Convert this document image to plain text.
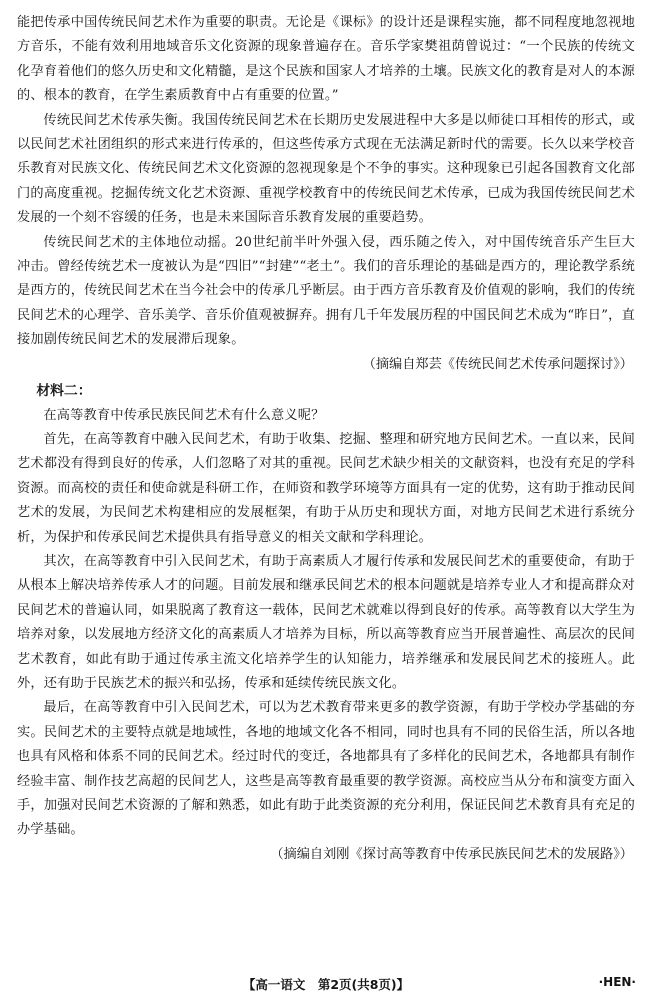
能把传承中国传统民间艺术作为重要的职责。无论是《课标》的设计还是课程实施，都不同程度地忽视地方音乐，不能有效利用地域音乐文化资源的现象普遍存在。音乐学家樊祖荫曾说过：“一个民族的传统文化孕育着他们的悠久历史和文化精髓，是这个民族和国家人才培养的土壤。民族文化的教育是对人的本源的、根本的教育，在学生素质教育中占有重要的位置。”

传统民间艺术传承失衡。我国传统民间艺术在长期历史发展进程中大多是以师徒口耳相传的形式，或以民间艺术社团组织的形式来进行传承的，但这些传承方式现在无法满足新时代的需要。长久以来学校音乐教育对民族文化、传统民间艺术文化资源的忽视现象是个不争的事实。这种现象已引起各国教育文化部门的高度重视。挖掘传统文化艺术资源、重视学校教育中的传统民间艺术传承，已成为我国传统民间艺术发展的一个刻不容缓的任务，也是未来国际音乐教育发展的重要趋势。

传统民间艺术的主体地位动摇。20世纪前半叶外强入侵，西乐随之传入，对中国传统音乐产生巨大冲击。曾经传统艺术一度被认为是“四旧”“封建”“老土”。我们的音乐理论的基础是西方的，理论教学系统是西方的，传统民间艺术在当今社会中的传承几乎断层。由于西方音乐教育及价值观的影响，我们的传统民间艺术的心理学、音乐美学、音乐价值观被摒弃。拥有几千年发展历程的中国民间艺术成为“昨日”，直接加剧传统民间艺术的发展滞后现象。

（摘编自郑芸《传统民间艺术传承问题探讨》）

材料二：

在高等教育中传承民族民间艺术有什么意义呢？

首先，在高等教育中融入民间艺术，有助于收集、挖掘、整理和研究地方民间艺术。一直以来，民间艺术都没有得到良好的传承，人们忽略了对其的重视。民间艺术缺少相关的文献资料，也没有充足的学科资源。而高校的责任和使命就是科研工作，在师资和教学环境等方面具有一定的优势，这有助于推动民间艺术的发展，为民间艺术构建相应的发展框架，有助于从历史和现状方面，对地方民间艺术进行系统分析，为保护和传承民间艺术提供具有指导意义的相关文献和学科理论。

其次，在高等教育中引入民间艺术，有助于高素质人才履行传承和发展民间艺术的重要使命，有助于从根本上解决培养传承人才的问题。目前发展和继承民间艺术的根本问题就是培养专业人才和提高群众对民间艺术的普遍认同，如果脱离了教育这一载体，民间艺术就难以得到良好的传承。高等教育以大学生为培养对象，以发展地方经济文化的高素质人才培养为目标，所以高等教育应当开展普遍性、高层次的民间艺术教育，如此有助于通过传承主流文化培养学生的认知能力，培养继承和发展民间艺术的接班人。此外，还有助于民族艺术的振兴和弘扬，传承和延续传统民族文化。

最后，在高等教育中引入民间艺术，可以为艺术教育带来更多的教学资源，有助于学校办学基础的夯实。民间艺术的主要特点就是地域性，各地的地域文化各不相同，同时也具有不同的民俗生活，所以各地也具有风格和体系不同的民间艺术。经过时代的变迁，各地都具有了多样化的民间艺术，各地都具有制作经验丰富、制作技艺高超的民间艺人，这些是高等教育最重要的教学资源。高校应当从分布和演变方面入手，加强对民间艺术资源的了解和熟悉，如此有助于此类资源的充分利用，保证民间艺术教育具有充足的办学基础。

（摘编自刘刚《探讨高等教育中传承民族民间艺术的发展路》）

【高一语文　第2页(共8页)】	·HEN·
